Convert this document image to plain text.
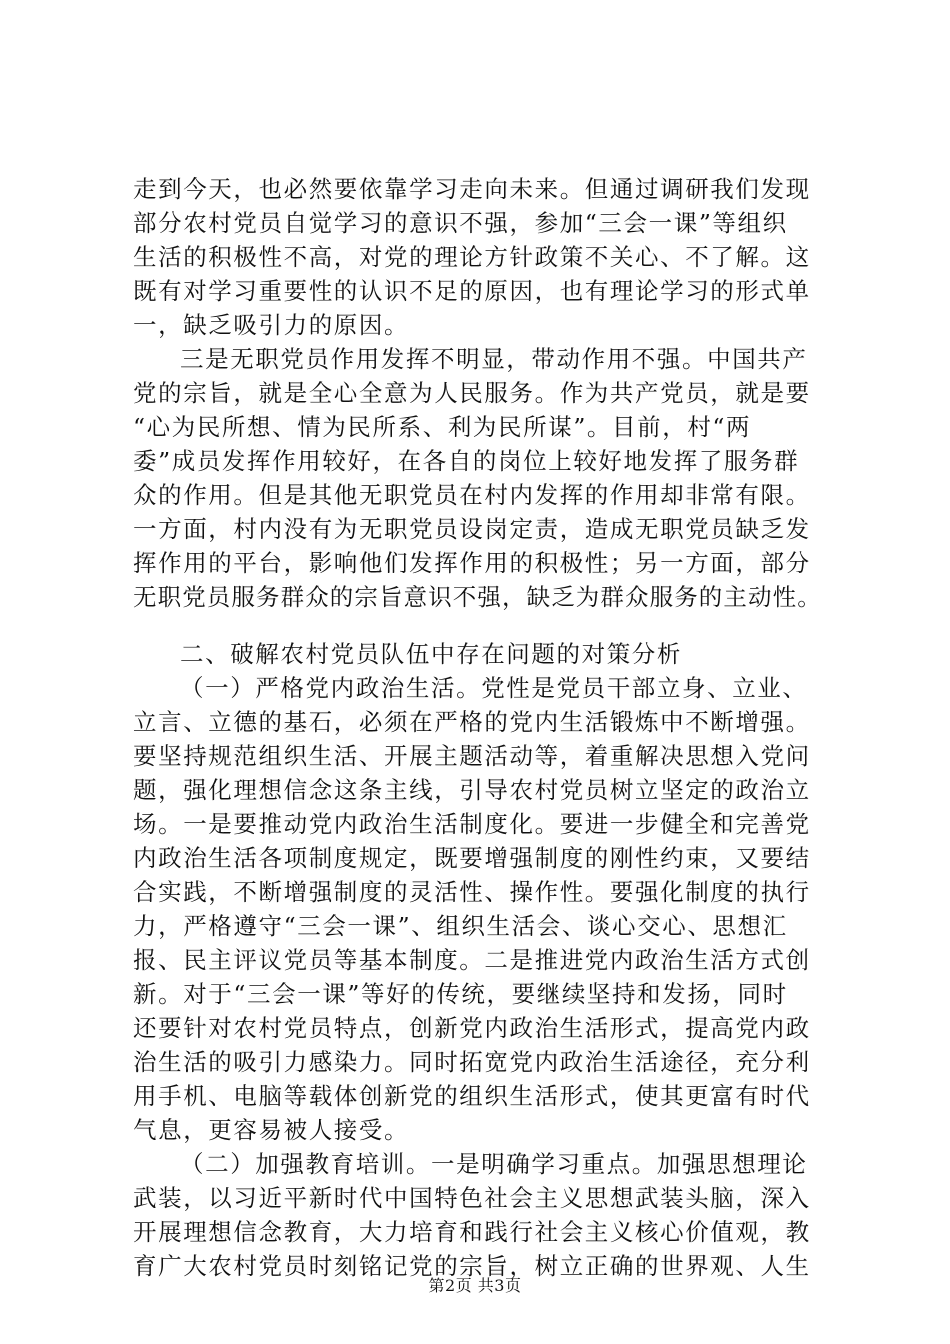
走到今天，也必然要依靠学习走向未来。但通过调研我们发现
部分农村党员自觉学习的意识不强，参加“三会一课”等组织
生活的积极性不高，对党的理论方针政策不关心、不了解。这
既有对学习重要性的认识不足的原因，也有理论学习的形式单
一，缺乏吸引力的原因。
三是无职党员作用发挥不明显，带动作用不强。中国共产
党的宗旨，就是全心全意为人民服务。作为共产党员，就是要
“心为民所想、情为民所系、利为民所谋”。目前，村“两
委”成员发挥作用较好，在各自的岗位上较好地发挥了服务群
众的作用。但是其他无职党员在村内发挥的作用却非常有限。
一方面，村内没有为无职党员设岗定责，造成无职党员缺乏发
挥作用的平台，影响他们发挥作用的积极性；另一方面，部分
无职党员服务群众的宗旨意识不强，缺乏为群众服务的主动性。
二、破解农村党员队伍中存在问题的对策分析
（一）严格党内政治生活。党性是党员干部立身、立业、
立言、立德的基石，必须在严格的党内生活锻炼中不断增强。
要坚持规范组织生活、开展主题活动等，着重解决思想入党问
题，强化理想信念这条主线，引导农村党员树立坚定的政治立
场。一是要推动党内政治生活制度化。要进一步健全和完善党
内政治生活各项制度规定，既要增强制度的刚性约束，又要结
合实践，不断增强制度的灵活性、操作性。要强化制度的执行
力，严格遵守“三会一课”、组织生活会、谈心交心、思想汇
报、民主评议党员等基本制度。二是推进党内政治生活方式创
新。对于“三会一课”等好的传统，要继续坚持和发扬，同时
还要针对农村党员特点，创新党内政治生活形式，提高党内政
治生活的吸引力感染力。同时拓宽党内政治生活途径，充分利
用手机、电脑等载体创新党的组织生活形式，使其更富有时代
气息，更容易被人接受。
（二）加强教育培训。一是明确学习重点。加强思想理论
武装，以习近平新时代中国特色社会主义思想武装头脑，深入
开展理想信念教育，大力培育和践行社会主义核心价值观，教
育广大农村党员时刻铭记党的宗旨，树立正确的世界观、人生
第2页 共3页
